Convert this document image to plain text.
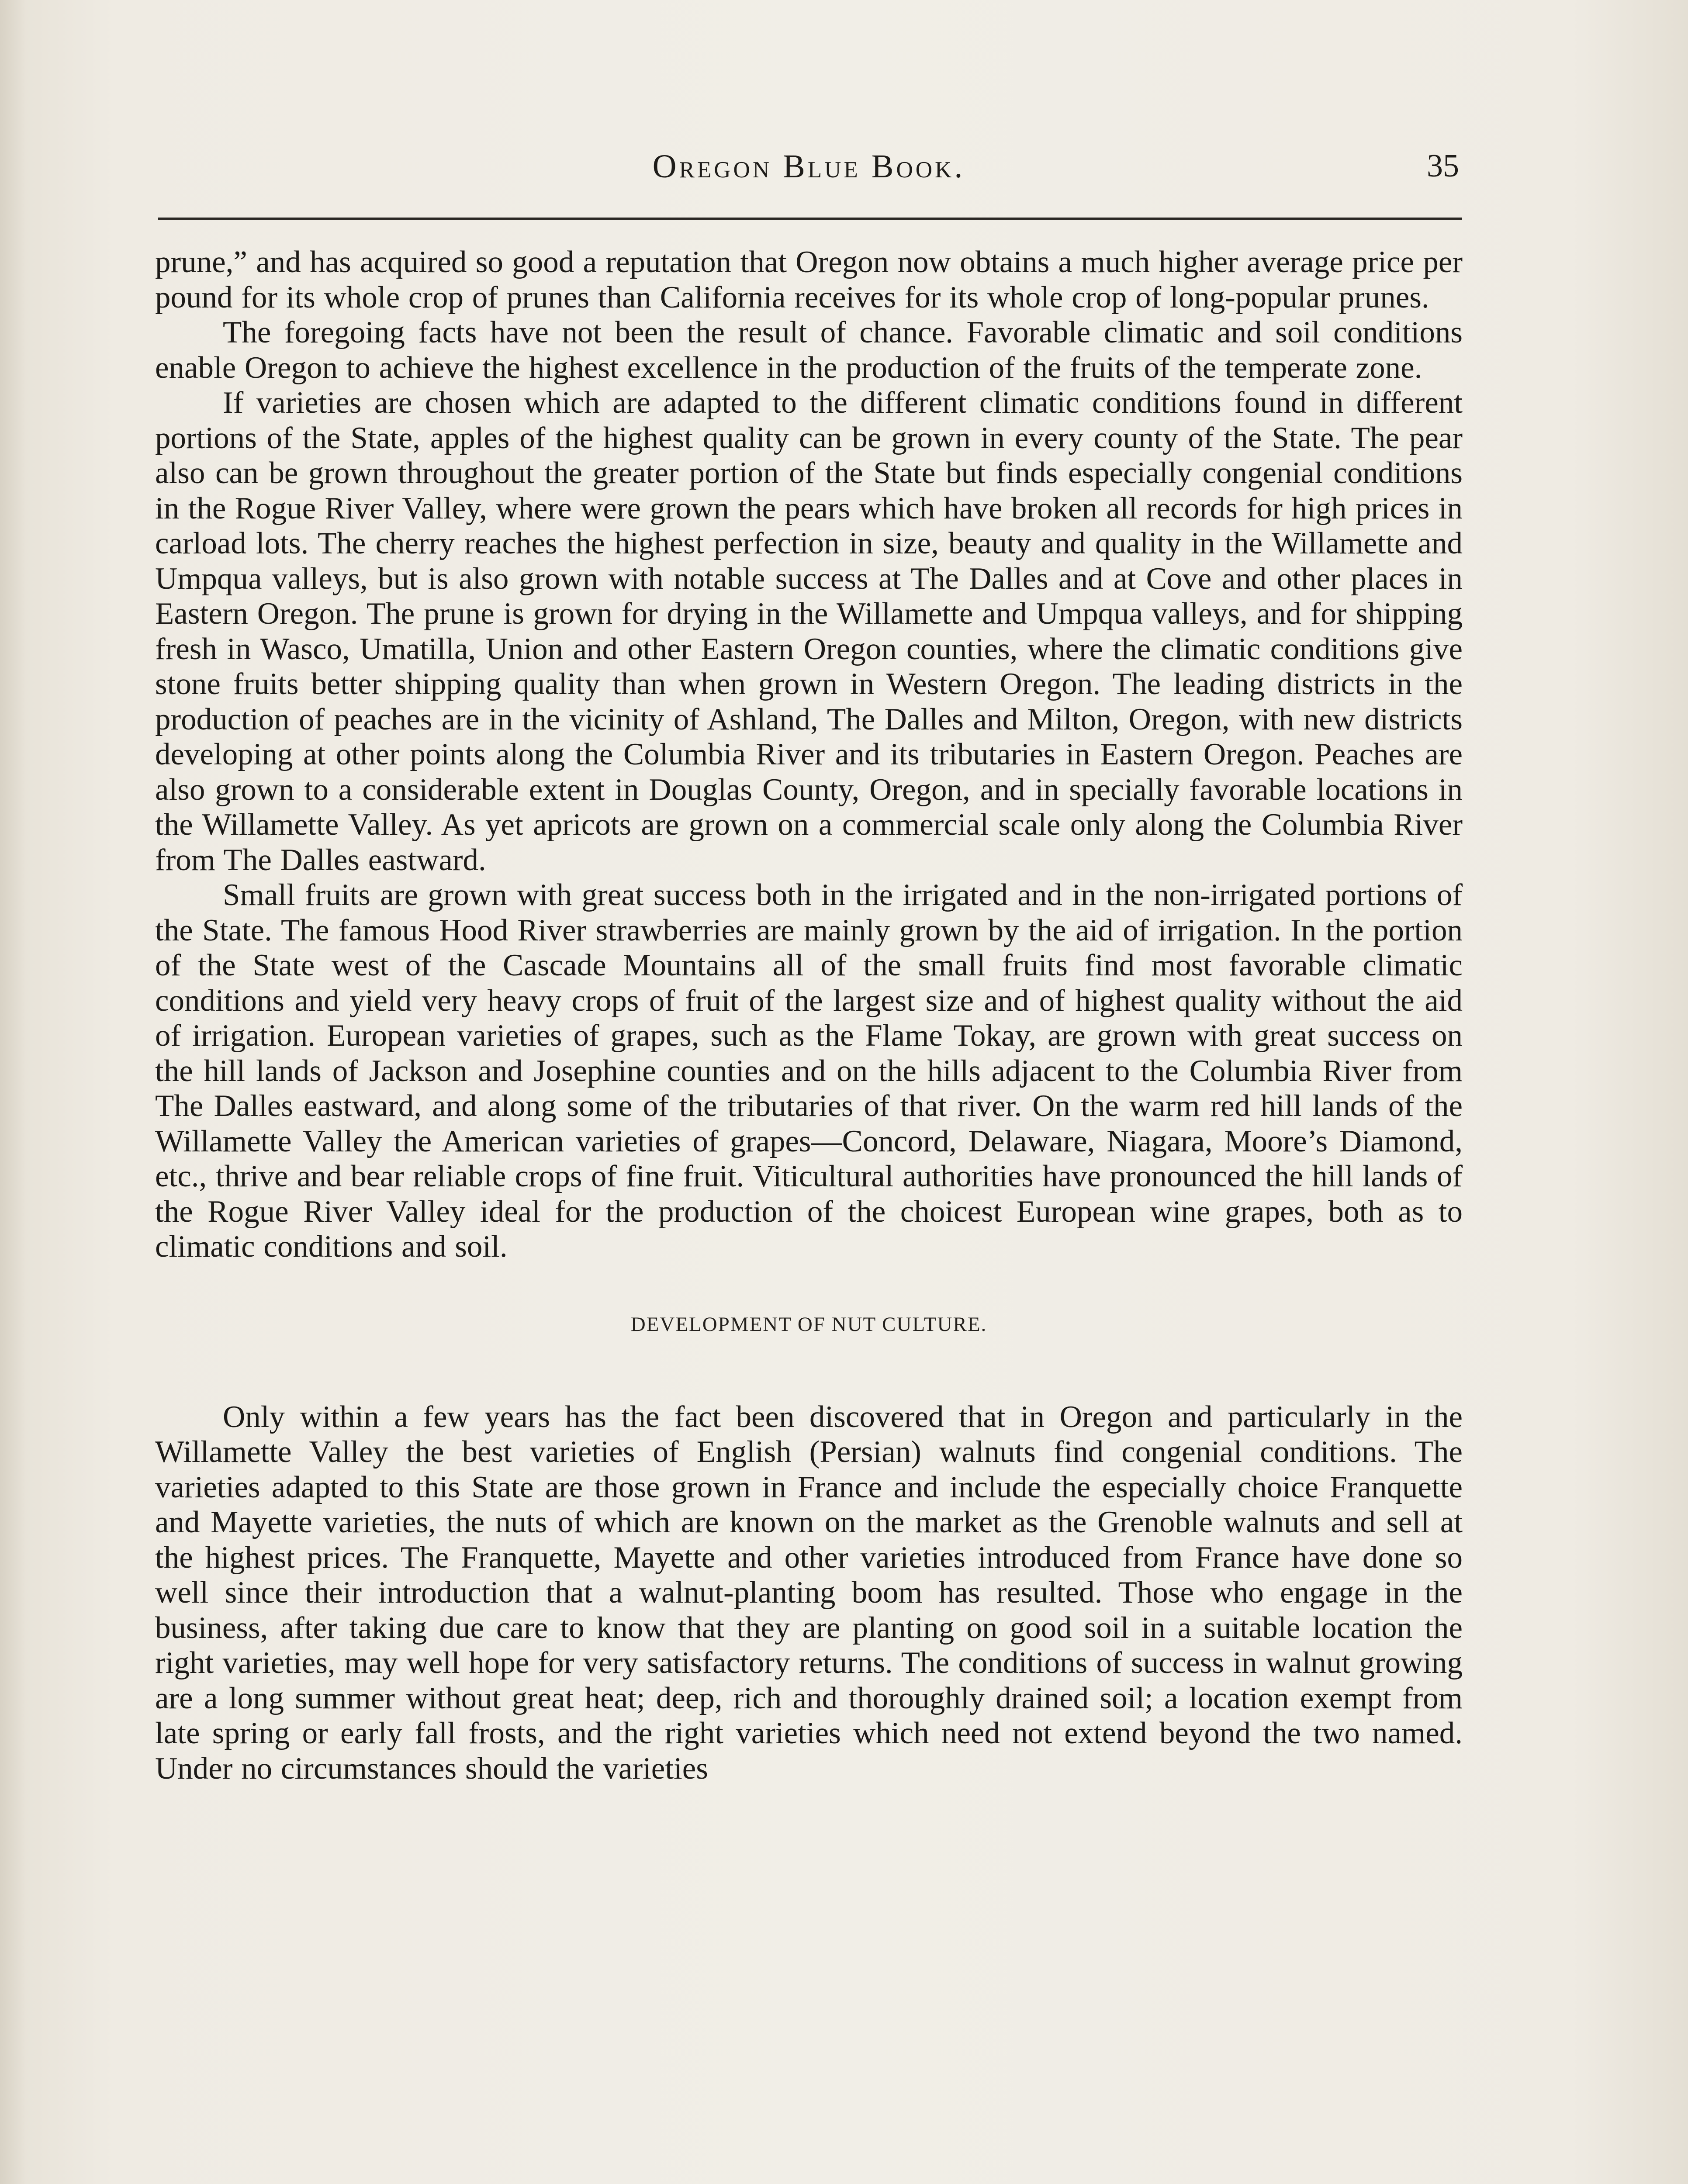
Oregon Blue Book.	35

prune,” and has acquired so good a reputation that Oregon now obtains a much higher average price per pound for its whole crop of prunes than California receives for its whole crop of long-popular prunes.

The foregoing facts have not been the result of chance. Favorable climatic and soil conditions enable Oregon to achieve the highest excellence in the production of the fruits of the temperate zone.

If varieties are chosen which are adapted to the different climatic conditions found in different portions of the State, apples of the highest quality can be grown in every county of the State. The pear also can be grown throughout the greater portion of the State but finds especially congenial conditions in the Rogue River Valley, where were grown the pears which have broken all records for high prices in carload lots. The cherry reaches the highest perfection in size, beauty and quality in the Willamette and Umpqua valleys, but is also grown with notable success at The Dalles and at Cove and other places in Eastern Oregon. The prune is grown for drying in the Willamette and Umpqua valleys, and for shipping fresh in Wasco, Umatilla, Union and other Eastern Oregon counties, where the climatic conditions give stone fruits better shipping quality than when grown in Western Oregon. The leading districts in the production of peaches are in the vicinity of Ashland, The Dalles and Milton, Oregon, with new districts developing at other points along the Columbia River and its tributaries in Eastern Oregon. Peaches are also grown to a considerable extent in Douglas County, Oregon, and in specially favorable locations in the Willamette Valley. As yet apricots are grown on a commercial scale only along the Columbia River from The Dalles eastward.

Small fruits are grown with great success both in the irrigated and in the non-irrigated portions of the State. The famous Hood River strawberries are mainly grown by the aid of irrigation. In the portion of the State west of the Cascade Mountains all of the small fruits find most favorable climatic conditions and yield very heavy crops of fruit of the largest size and of highest quality without the aid of irrigation. European varieties of grapes, such as the Flame Tokay, are grown with great success on the hill lands of Jackson and Josephine counties and on the hills adjacent to the Columbia River from The Dalles eastward, and along some of the tributaries of that river. On the warm red hill lands of the Willamette Valley the American varieties of grapes—Concord, Delaware, Niagara, Moore’s Diamond, etc., thrive and bear reliable crops of fine fruit. Viticultural authorities have pronounced the hill lands of the Rogue River Valley ideal for the production of the choicest European wine grapes, both as to climatic conditions and soil.

DEVELOPMENT OF NUT CULTURE.

Only within a few years has the fact been discovered that in Oregon and particularly in the Willamette Valley the best varieties of English (Persian) walnuts find congenial conditions. The varieties adapted to this State are those grown in France and include the especially choice Franquette and Mayette varieties, the nuts of which are known on the market as the Grenoble walnuts and sell at the highest prices. The Franquette, Mayette and other varieties introduced from France have done so well since their introduction that a walnut-planting boom has resulted. Those who engage in the business, after taking due care to know that they are planting on good soil in a suitable location the right varieties, may well hope for very satisfactory returns. The conditions of success in walnut growing are a long summer without great heat; deep, rich and thoroughly drained soil; a location exempt from late spring or early fall frosts, and the right varieties which need not extend beyond the two named. Under no circumstances should the varieties
